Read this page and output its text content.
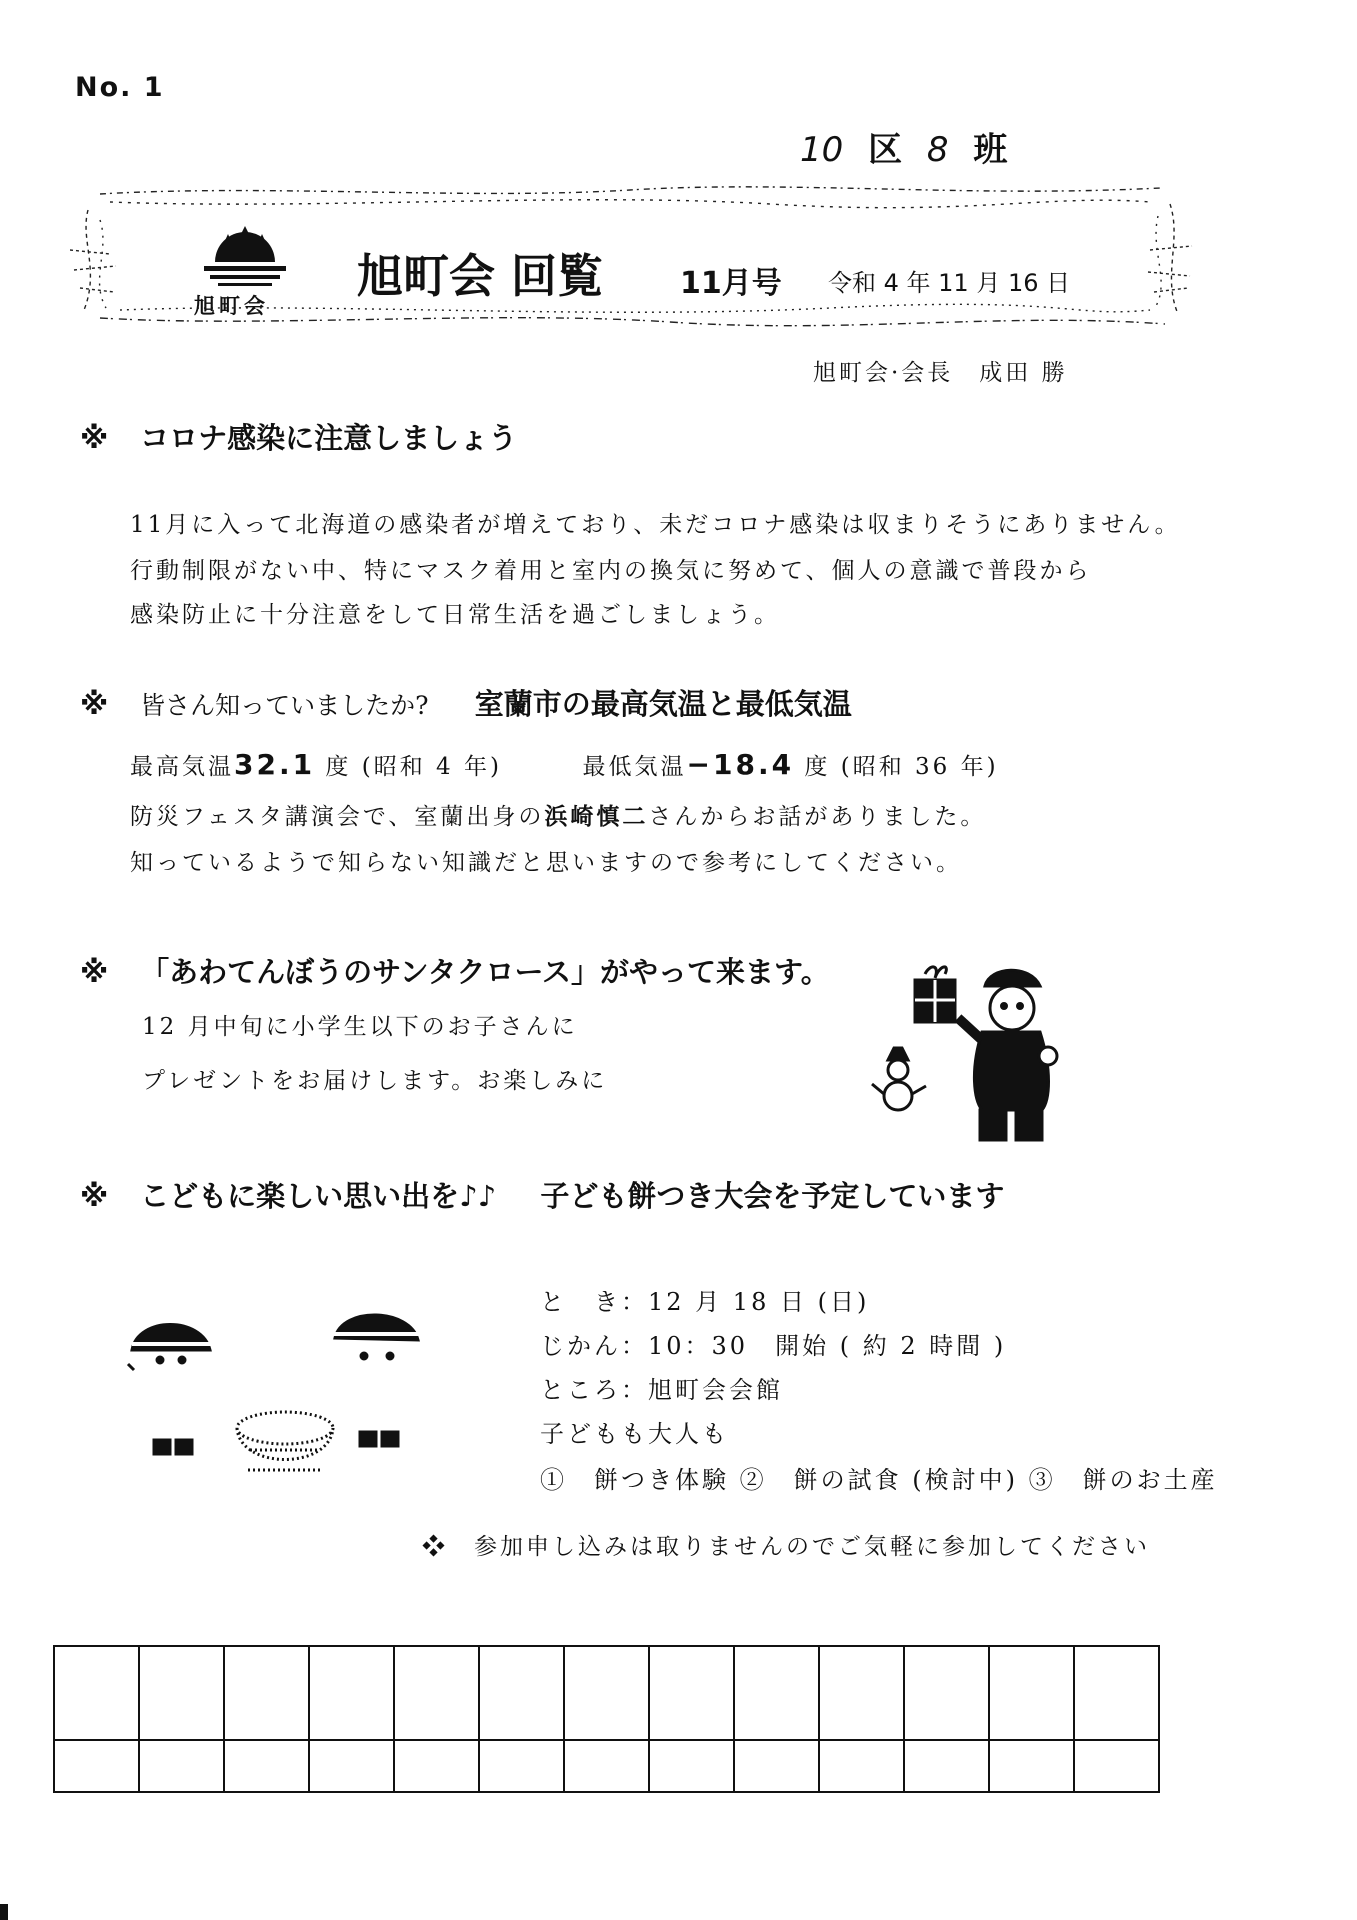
No. 1
10 区 8 班
旭町会
旭町会 回覧	11月号 令和 4 年 11 月 16 日
旭町会·会長　成田 勝
※ コロナ感染に注意しましょう
11月に入って北海道の感染者が増えており、未だコロナ感染は収まりそうにありません。
行動制限がない中、特にマスク着用と室内の換気に努めて、個人の意識で普段から
感染防止に十分注意をして日常生活を過ごしましょう。
※ 皆さん知っていましたか? 室蘭市の最高気温と最低気温
最高気温32.1 度 (昭和 4 年)	最低気温−18.4 度 (昭和 36 年)
防災フェスタ講演会で、室蘭出身の浜崎慎二さんからお話がありました。
知っているようで知らない知識だと思いますので参考にしてください。
※ 「あわてんぼうのサンタクロース」がやって来ます。
12 月中旬に小学生以下のお子さんに
プレゼントをお届けします。お楽しみに
※ こどもに楽しい思い出を♪♪ 子ども餅つき大会を予定しています
と　き：12 月 18 日 (日)
じかん：10：30　開始 ( 約 2 時間 )
ところ：旭町会会館
子どもも大人も
①　餅つき体験 ②　餅の試食 (検討中) ③　餅のお土産
❖　参加申し込みは取りませんのでご気軽に参加してください
